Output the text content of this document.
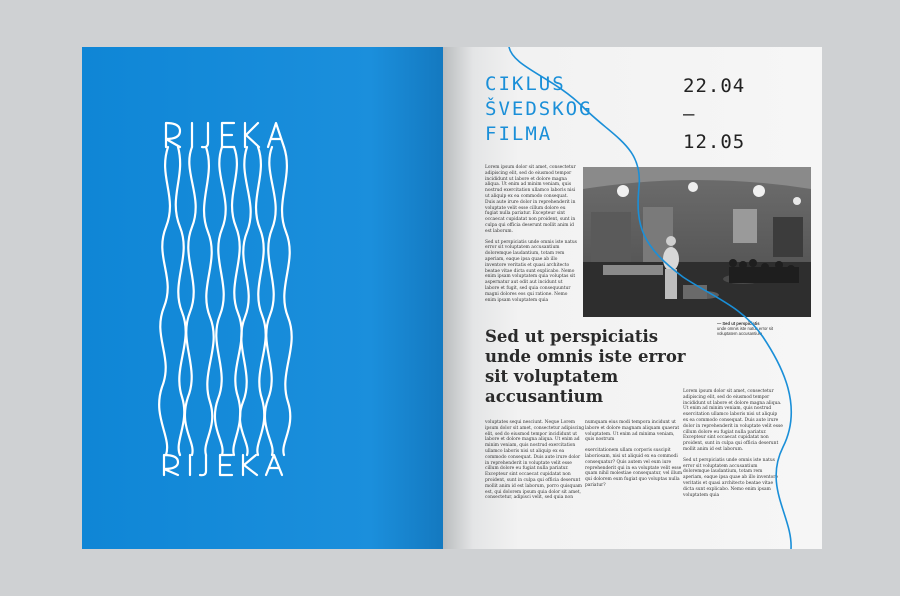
CIKLUS
ŠVEDSKOG
FILMA
22.04
—
12.05

Lorem ipsum dolor sit amet, consectetur adipiscing elit, sed do eiusmod tempor incididunt ut labore et dolore magna aliqua. Ut enim ad minim veniam, quis nostrud exercitation ullamco laboris nisi ut aliquip ex ea commodo consequat. Duis aute irure dolor in reprehenderit in voluptate velit esse cillum dolore eu fugiat nulla pariatur. Excepteur sint occaecat cupidatat non proident, sunt in culpa qui officia deserunt mollit anim id est laborum.

Sed ut perspiciatis unde omnis iste natus error sit voluptatem accusantium doloremque laudantium, totam rem aperiam, eaque ipsa quae ab illo inventore veritatis et quasi architecto beatae vitae dicta sunt explicabo. Nemo enim ipsam voluptatem quia voluptas sit aspernatur aut odit aut incidunt ut labore et fugit, sed quia consequuntur magni dolores eos qui ratione. Nemo enim ipsam voluptatem quia

— Sed ut perspiciatis
unde omnis iste natus error sit voluptatem accusantium
Sed ut perspiciatis unde omnis iste error sit voluptatem accusantium

voluptates sequi nesciunt. Neque Lorem ipsum dolor sit amet, consectetur adipiscing elit, sed do eiusmod tempor incididunt ut labore et dolore magna aliqua. Ut enim ad minim veniam, quis nostrud exercitation ullamco laboris nisi ut aliquip ex ea commodo consequat. Duis aute irure dolor in reprehenderit in voluptate velit esse cillum dolore eu fugiat nulla pariatur. Excepteur sint occaecat cupidatat non proident, sunt in culpa qui officia deserunt mollit anim id est laborum, porro quisquam est, qui dolorem ipsum quia dolor sit amet, consectetur, adipisci velit, sed quia non

numquam eius modi tempora incidunt ut labore et dolore magnam aliquam quaerat voluptatem. Ut enim ad minima veniam, quis nostrum

exercitationem ullam corporis suscipit laboriosam, nisi ut aliquid ex ea commodi consequatur? Quis autem vel eum iure reprehenderit qui in ea voluptate velit esse quam nihil molestiae consequatur, vel illum qui dolorem eum fugiat quo voluptas nulla pariatur?

Lorem ipsum dolor sit amet, consectetur adipiscing elit, sed do eiusmod tempor incididunt ut labore et dolore magna aliqua. Ut enim ad minim veniam, quis nostrud exercitation ullamco laboris nisi ut aliquip ex ea commodo consequat. Duis aute irure dolor in reprehenderit in voluptate velit esse cillum dolore eu fugiat nulla pariatur. Excepteur sint occaecat cupidatat non proident, sunt in culpa qui officia deserunt mollit anim id est laborum.

Sed ut perspiciatis unde omnis iste natus error sit voluptatem accusantium doloremque laudantium, totam rem aperiam, eaque ipsa quae ab illo inventore veritatis et quasi architecto beatae vitae dicta sunt explicabo. Nemo enim ipsam voluptatem quia
